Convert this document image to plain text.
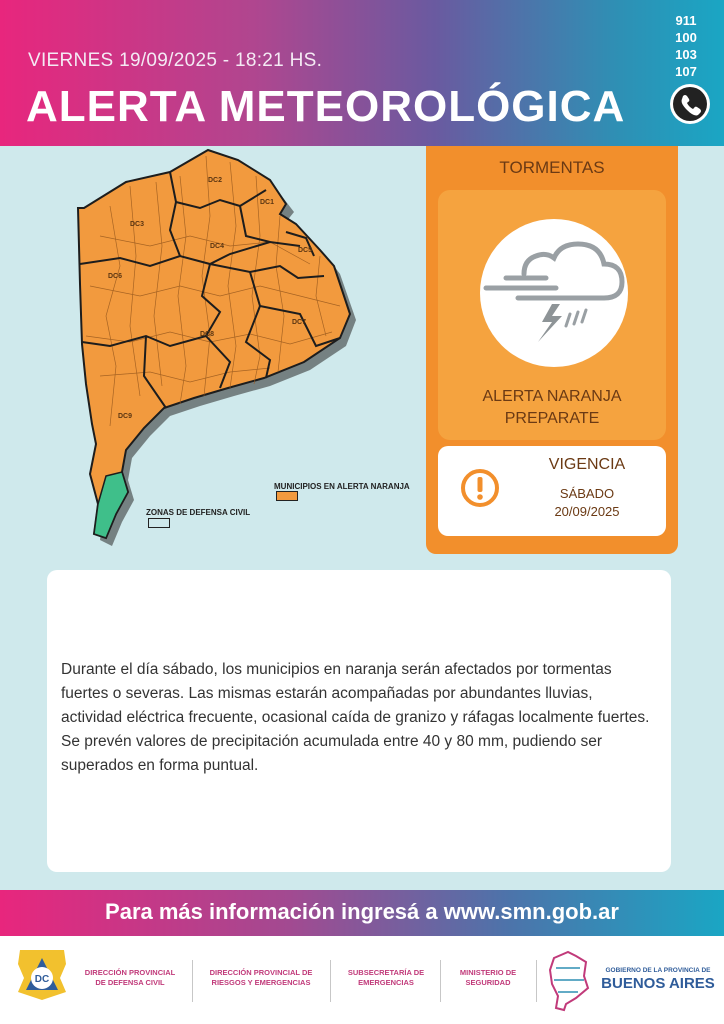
VIERNES 19/09/2025 - 18:21 HS.
ALERTA METEOROLÓGICA
911
100
103
107
DC2
DC1
DC3
DC4
DC5
DC6
DC7
DC8
DC9
MUNICIPIOS EN ALERTA NARANJA
ZONAS DE DEFENSA CIVIL
TORMENTAS
ALERTA NARANJA
PREPARATE
VIGENCIA
SÁBADO
20/09/2025

Durante el día sábado, los municipios en naranja serán afectados por tormentas fuertes o severas. Las mismas estarán acompañadas por abundantes lluvias, actividad eléctrica frecuente, ocasional caída de granizo y ráfagas localmente fuertes. Se prevén valores de precipitación acumulada entre 40 y 80 mm, pudiendo ser superados en forma puntual.

Para más información ingresá a www.smn.gob.ar
DC
DIRECCIÓN PROVINCIAL
DE DEFENSA CIVIL
DIRECCIÓN PROVINCIAL DE
RIESGOS Y EMERGENCIAS
SUBSECRETARÍA DE
EMERGENCIAS
MINISTERIO DE
SEGURIDAD
GOBIERNO DE LA PROVINCIA DE
BUENOS AIRES
